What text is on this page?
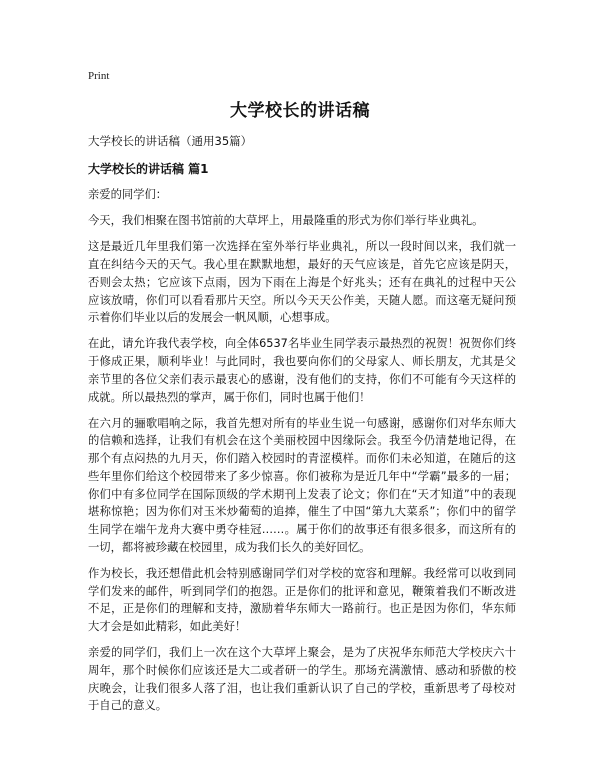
Print
大学校长的讲话稿
大学校长的讲话稿（通用35篇）
大学校长的讲话稿 篇1

亲爱的同学们：

今天，我们相聚在图书馆前的大草坪上，用最隆重的形式为你们举行毕业典礼。

这是最近几年里我们第一次选择在室外举行毕业典礼，所以一段时间以来，我们就一直在纠结今天的天气。我心里在默默地想，最好的天气应该是，首先它应该是阴天，否则会太热；它应该下点雨，因为下雨在上海是个好兆头；还有在典礼的过程中天公应该放晴，你们可以看看那片天空。所以今天天公作美，天随人愿。而这毫无疑问预示着你们毕业以后的发展会一帆风顺，心想事成。

在此，请允许我代表学校，向全体6537名毕业生同学表示最热烈的祝贺！祝贺你们终于修成正果，顺利毕业！与此同时，我也要向你们的父母家人、师长朋友，尤其是父亲节里的各位父亲们表示最衷心的感谢，没有他们的支持，你们不可能有今天这样的成就。所以最热烈的掌声，属于你们，同时也属于他们！

在六月的骊歌唱响之际，我首先想对所有的毕业生说一句感谢，感谢你们对华东师大的信赖和选择，让我们有机会在这个美丽校园中因缘际会。我至今仍清楚地记得，在那个有点闷热的九月天，你们踏入校园时的青涩模样。而你们未必知道，在随后的这些年里你们给这个校园带来了多少惊喜。你们被称为是近几年中“学霸”最多的一届；你们中有多位同学在国际顶级的学术期刊上发表了论文；你们在“天才知道”中的表现堪称惊艳；因为你们对玉米炒葡萄的追捧，催生了中国“第九大菜系”；你们中的留学生同学在端午龙舟大赛中勇夺桂冠……。属于你们的故事还有很多很多，而这所有的一切，都将被珍藏在校园里，成为我们长久的美好回忆。

作为校长，我还想借此机会特别感谢同学们对学校的宽容和理解。我经常可以收到同学们发来的邮件，听到同学们的抱怨。正是你们的批评和意见，鞭策着我们不断改进不足，正是你们的理解和支持，激励着华东师大一路前行。也正是因为你们，华东师大才会是如此精彩，如此美好！

亲爱的同学们，我们上一次在这个大草坪上聚会，是为了庆祝华东师范大学校庆六十周年，那个时候你们应该还是大二或者研一的学生。那场充满激情、感动和骄傲的校庆晚会，让我们很多人落了泪，也让我们重新认识了自己的学校，重新思考了母校对于自己的意义。
